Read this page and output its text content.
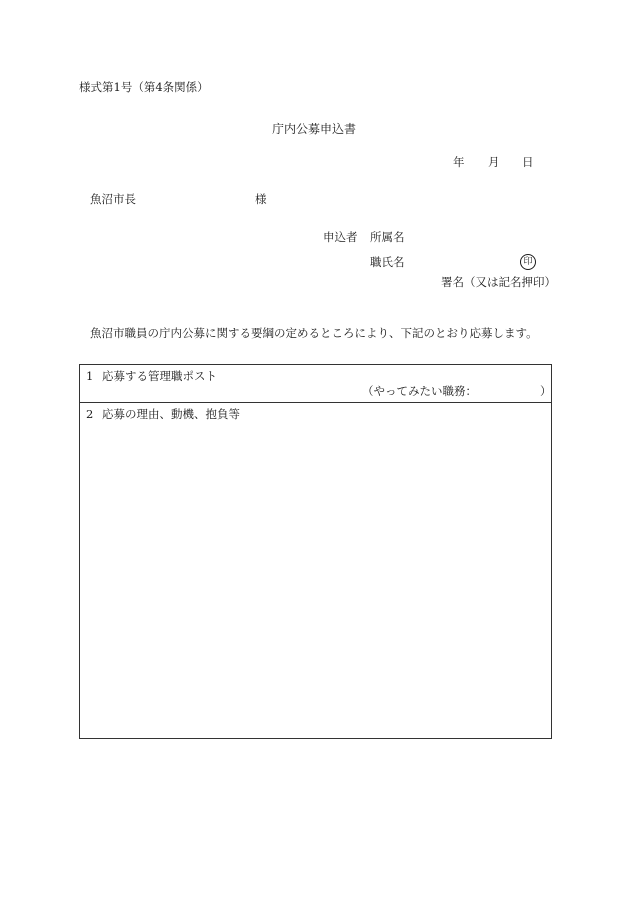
様式第1号（第4条関係）
庁内公募申込書
年 月 日
魚沼市長	様
申込者 所属名
職氏名	印
署名（又は記名押印）
魚沼市職員の庁内公募に関する要綱の定めるところにより、下記のとおり応募します。
1 応募する管理職ポスト
（やってみたい職務：	）
2 応募の理由、動機、抱負等
